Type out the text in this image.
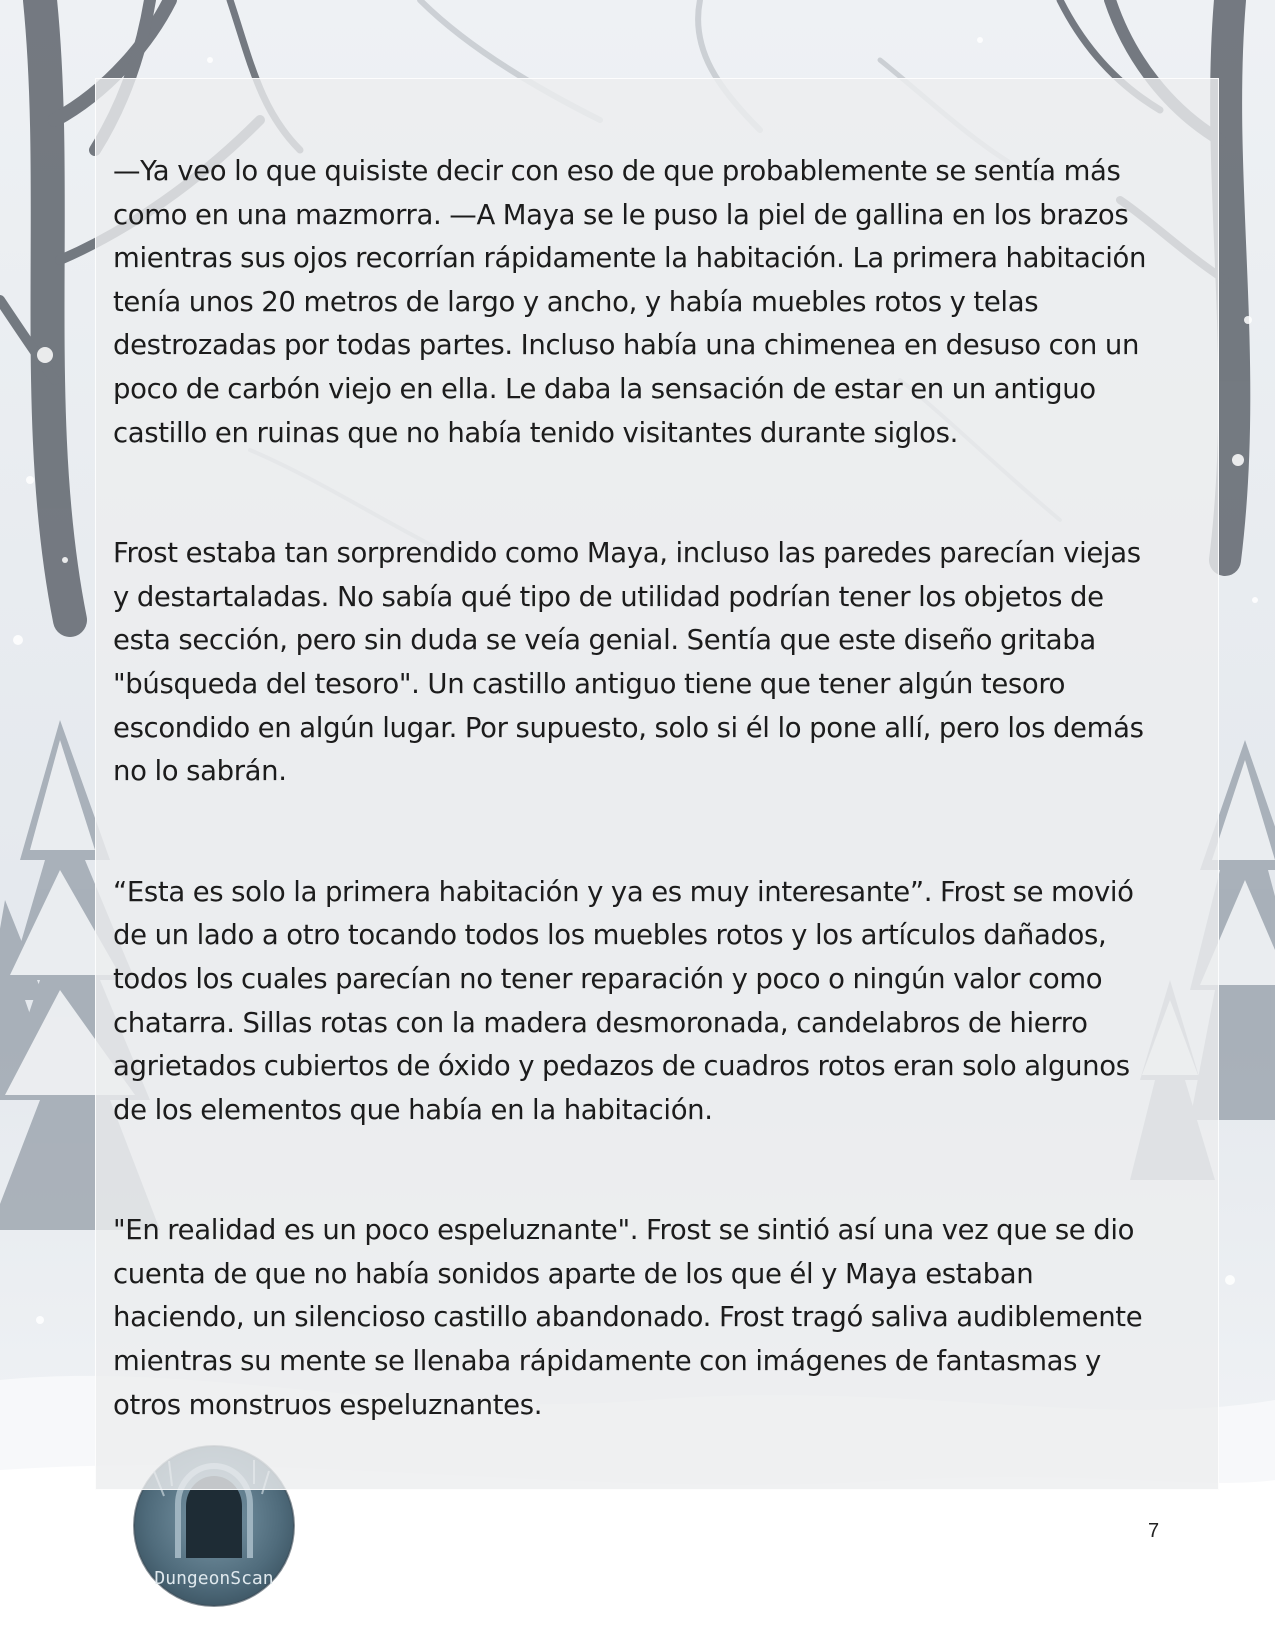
DungeonScan

—Ya veo lo que quisiste decir con eso de que probablemente se sentía más
como en una mazmorra. —A Maya se le puso la piel de gallina en los brazos
mientras sus ojos recorrían rápidamente la habitación. La primera habitación
tenía unos 20 metros de largo y ancho, y había muebles rotos y telas
destrozadas por todas partes. Incluso había una chimenea en desuso con un
poco de carbón viejo en ella. Le daba la sensación de estar en un antiguo
castillo en ruinas que no había tenido visitantes durante siglos.

Frost estaba tan sorprendido como Maya, incluso las paredes parecían viejas
y destartaladas. No sabía qué tipo de utilidad podrían tener los objetos de
esta sección, pero sin duda se veía genial. Sentía que este diseño gritaba
"búsqueda del tesoro". Un castillo antiguo tiene que tener algún tesoro
escondido en algún lugar. Por supuesto, solo si él lo pone allí, pero los demás
no lo sabrán.

“Esta es solo la primera habitación y ya es muy interesante”. Frost se movió
de un lado a otro tocando todos los muebles rotos y los artículos dañados,
todos los cuales parecían no tener reparación y poco o ningún valor como
chatarra. Sillas rotas con la madera desmoronada, candelabros de hierro
agrietados cubiertos de óxido y pedazos de cuadros rotos eran solo algunos
de los elementos que había en la habitación.

"En realidad es un poco espeluznante". Frost se sintió así una vez que se dio
cuenta de que no había sonidos aparte de los que él y Maya estaban
haciendo, un silencioso castillo abandonado. Frost tragó saliva audiblemente
mientras su mente se llenaba rápidamente con imágenes de fantasmas y
otros monstruos espeluznantes.

7
